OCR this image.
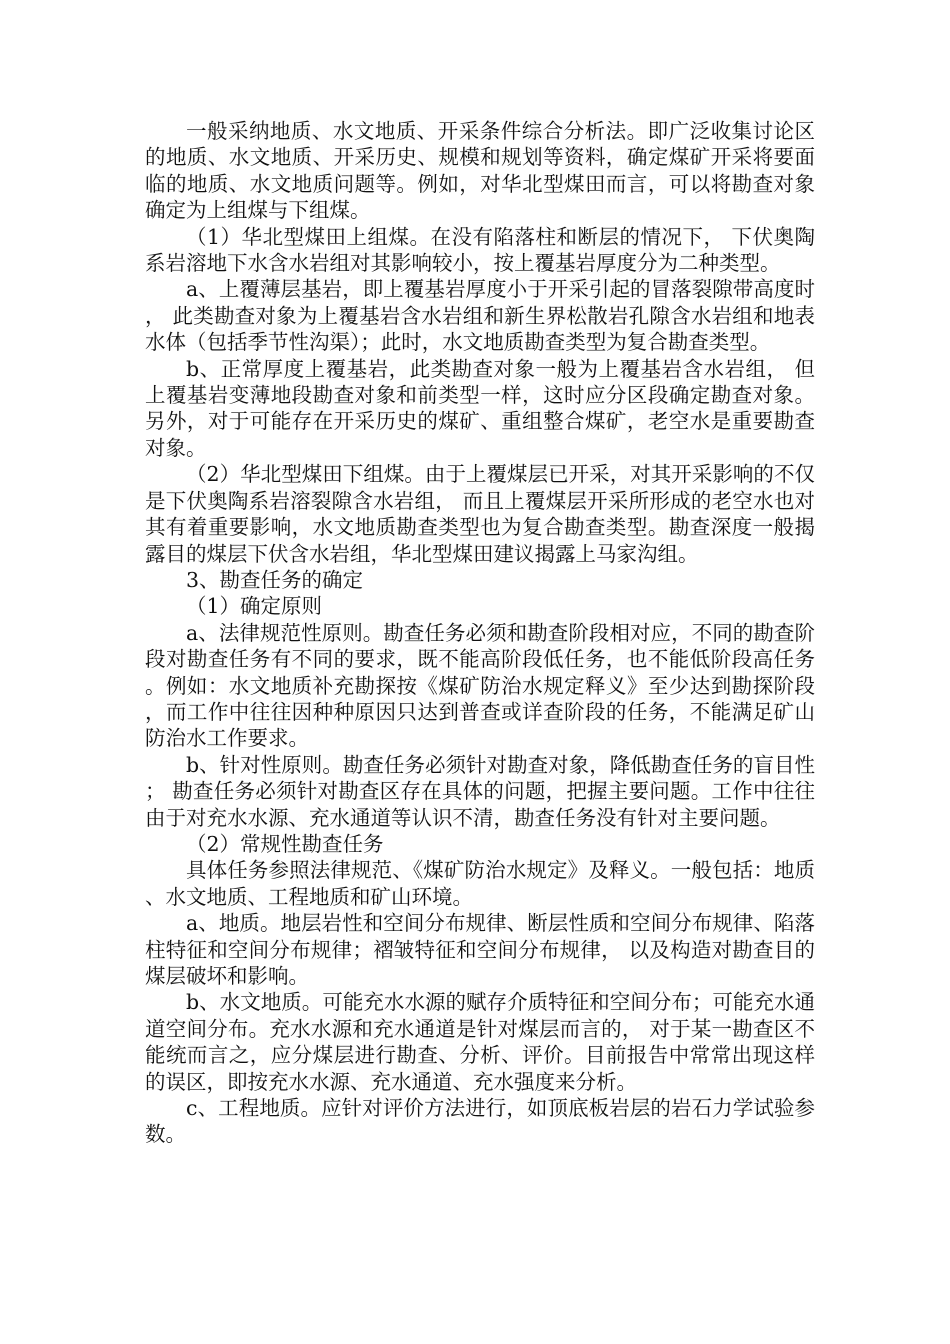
一般采纳地质、水文地质、开采条件综合分析法。即广泛收集讨论区的地质、水文地质、开采历史、规模和规划等资料，确定煤矿开采将要面临的地质、水文地质问题等。例如，对华北型煤田而言，可以将勘查对象确定为上组煤与下组煤。

（1）华北型煤田上组煤。在没有陷落柱和断层的情况下， 下伏奥陶系岩溶地下水含水岩组对其影响较小，按上覆基岩厚度分为二种类型。

a、上覆薄层基岩，即上覆基岩厚度小于开采引起的冒落裂隙带高度时， 此类勘查对象为上覆基岩含水岩组和新生界松散岩孔隙含水岩组和地表水体（包括季节性沟渠）；此时，水文地质勘查类型为复合勘查类型。

b、正常厚度上覆基岩，此类勘查对象一般为上覆基岩含水岩组， 但上覆基岩变薄地段勘查对象和前类型一样，这时应分区段确定勘查对象。另外，对于可能存在开采历史的煤矿、重组整合煤矿，老空水是重要勘查对象。

（2）华北型煤田下组煤。由于上覆煤层已开采，对其开采影响的不仅是下伏奥陶系岩溶裂隙含水岩组， 而且上覆煤层开采所形成的老空水也对其有着重要影响，水文地质勘查类型也为复合勘查类型。勘查深度一般揭露目的煤层下伏含水岩组，华北型煤田建议揭露上马家沟组。

3、勘查任务的确定

（1）确定原则

a、法律规范性原则。勘查任务必须和勘查阶段相对应，不同的勘查阶段对勘查任务有不同的要求，既不能高阶段低任务，也不能低阶段高任务。例如：水文地质补充勘探按《煤矿防治水规定释义》至少达到勘探阶段，而工作中往往因种种原因只达到普查或详查阶段的任务，不能满足矿山防治水工作要求。

b、针对性原则。勘查任务必须针对勘查对象，降低勘查任务的盲目性； 勘查任务必须针对勘查区存在具体的问题，把握主要问题。工作中往往由于对充水水源、充水通道等认识不清，勘查任务没有针对主要问题。

（2）常规性勘查任务

具体任务参照法律规范、《煤矿防治水规定》及释义。一般包括：地质、水文地质、工程地质和矿山环境。

a、地质。地层岩性和空间分布规律、断层性质和空间分布规律、陷落柱特征和空间分布规律；褶皱特征和空间分布规律， 以及构造对勘查目的煤层破坏和影响。

b、水文地质。可能充水水源的赋存介质特征和空间分布；可能充水通道空间分布。充水水源和充水通道是针对煤层而言的， 对于某一勘查区不能统而言之，应分煤层进行勘查、分析、评价。目前报告中常常出现这样的误区，即按充水水源、充水通道、充水强度来分析。

c、工程地质。应针对评价方法进行，如顶底板岩层的岩石力学试验参数。
